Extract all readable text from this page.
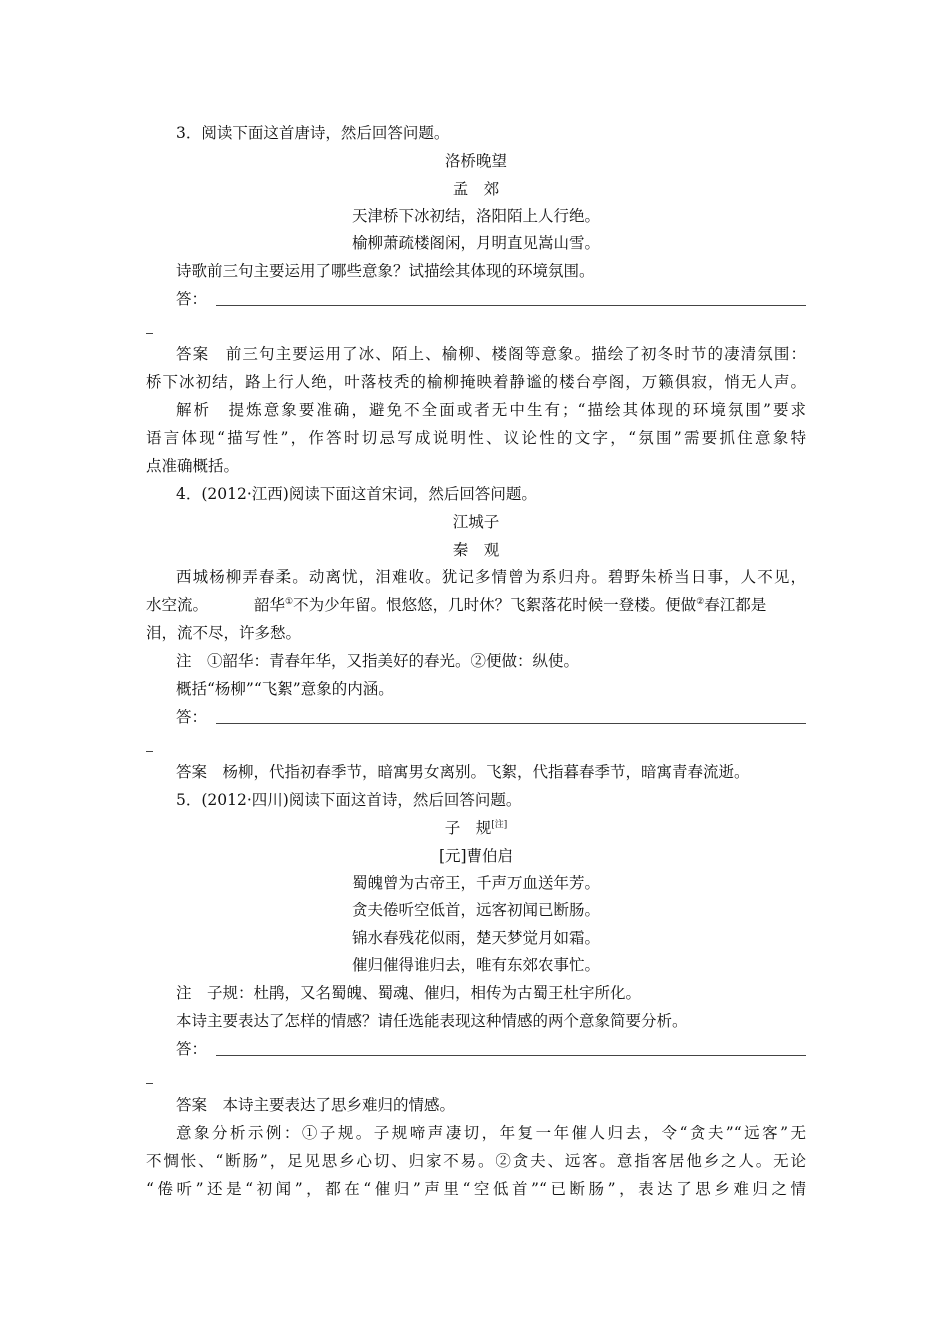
3．阅读下面这首唐诗，然后回答问题。
洛桥晚望
孟　郊
天津桥下冰初结，洛阳陌上人行绝。
榆柳萧疏楼阁闲，月明直见嵩山雪。
诗歌前三句主要运用了哪些意象？试描绘其体现的环境氛围。
答：
答案　前三句主要运用了冰、陌上、榆柳、楼阁等意象。描绘了初冬时节的凄清氛围：
桥下冰初结，路上行人绝，叶落枝秃的榆柳掩映着静谧的楼台亭阁，万籁俱寂，悄无人声。
解析　提炼意象要准确，避免不全面或者无中生有；“描绘其体现的环境氛围”要求
语言体现“描写性”，作答时切忌写成说明性、议论性的文字，“氛围”需要抓住意象特
点准确概括。
4．(2012·江西)阅读下面这首宋词，然后回答问题。
江城子
秦　观
西城杨柳弄春柔。动离忧，泪难收。犹记多情曾为系归舟。碧野朱桥当日事，人不见，
水空流。	韶华①不为少年留。恨悠悠，几时休？飞絮落花时候一登楼。便做②春江都是
泪，流不尽，许多愁。
注　①韶华：青春年华，又指美好的春光。②便做：纵使。
概括“杨柳”“飞絮”意象的内涵。
答：
答案　杨柳，代指初春季节，暗寓男女离别。飞絮，代指暮春季节，暗寓青春流逝。
5．(2012·四川)阅读下面这首诗，然后回答问题。
子　规[注]
[元]曹伯启
蜀魄曾为古帝王，千声万血送年芳。
贪夫倦听空低首，远客初闻已断肠。
锦水春残花似雨，楚天梦觉月如霜。
催归催得谁归去，唯有东郊农事忙。
注　子规：杜鹃，又名蜀魄、蜀魂、催归，相传为古蜀王杜宇所化。
本诗主要表达了怎样的情感？请任选能表现这种情感的两个意象简要分析。
答：
答案　本诗主要表达了思乡难归的情感。
意象分析示例：①子规。子规啼声凄切，年复一年催人归去，令“贪夫”“远客”无
不惆怅、“断肠”，足见思乡心切、归家不易。②贪夫、远客。意指客居他乡之人。无论
“倦听”还是“初闻”，都在“催归”声里“空低首”“已断肠”，表达了思乡难归之情
